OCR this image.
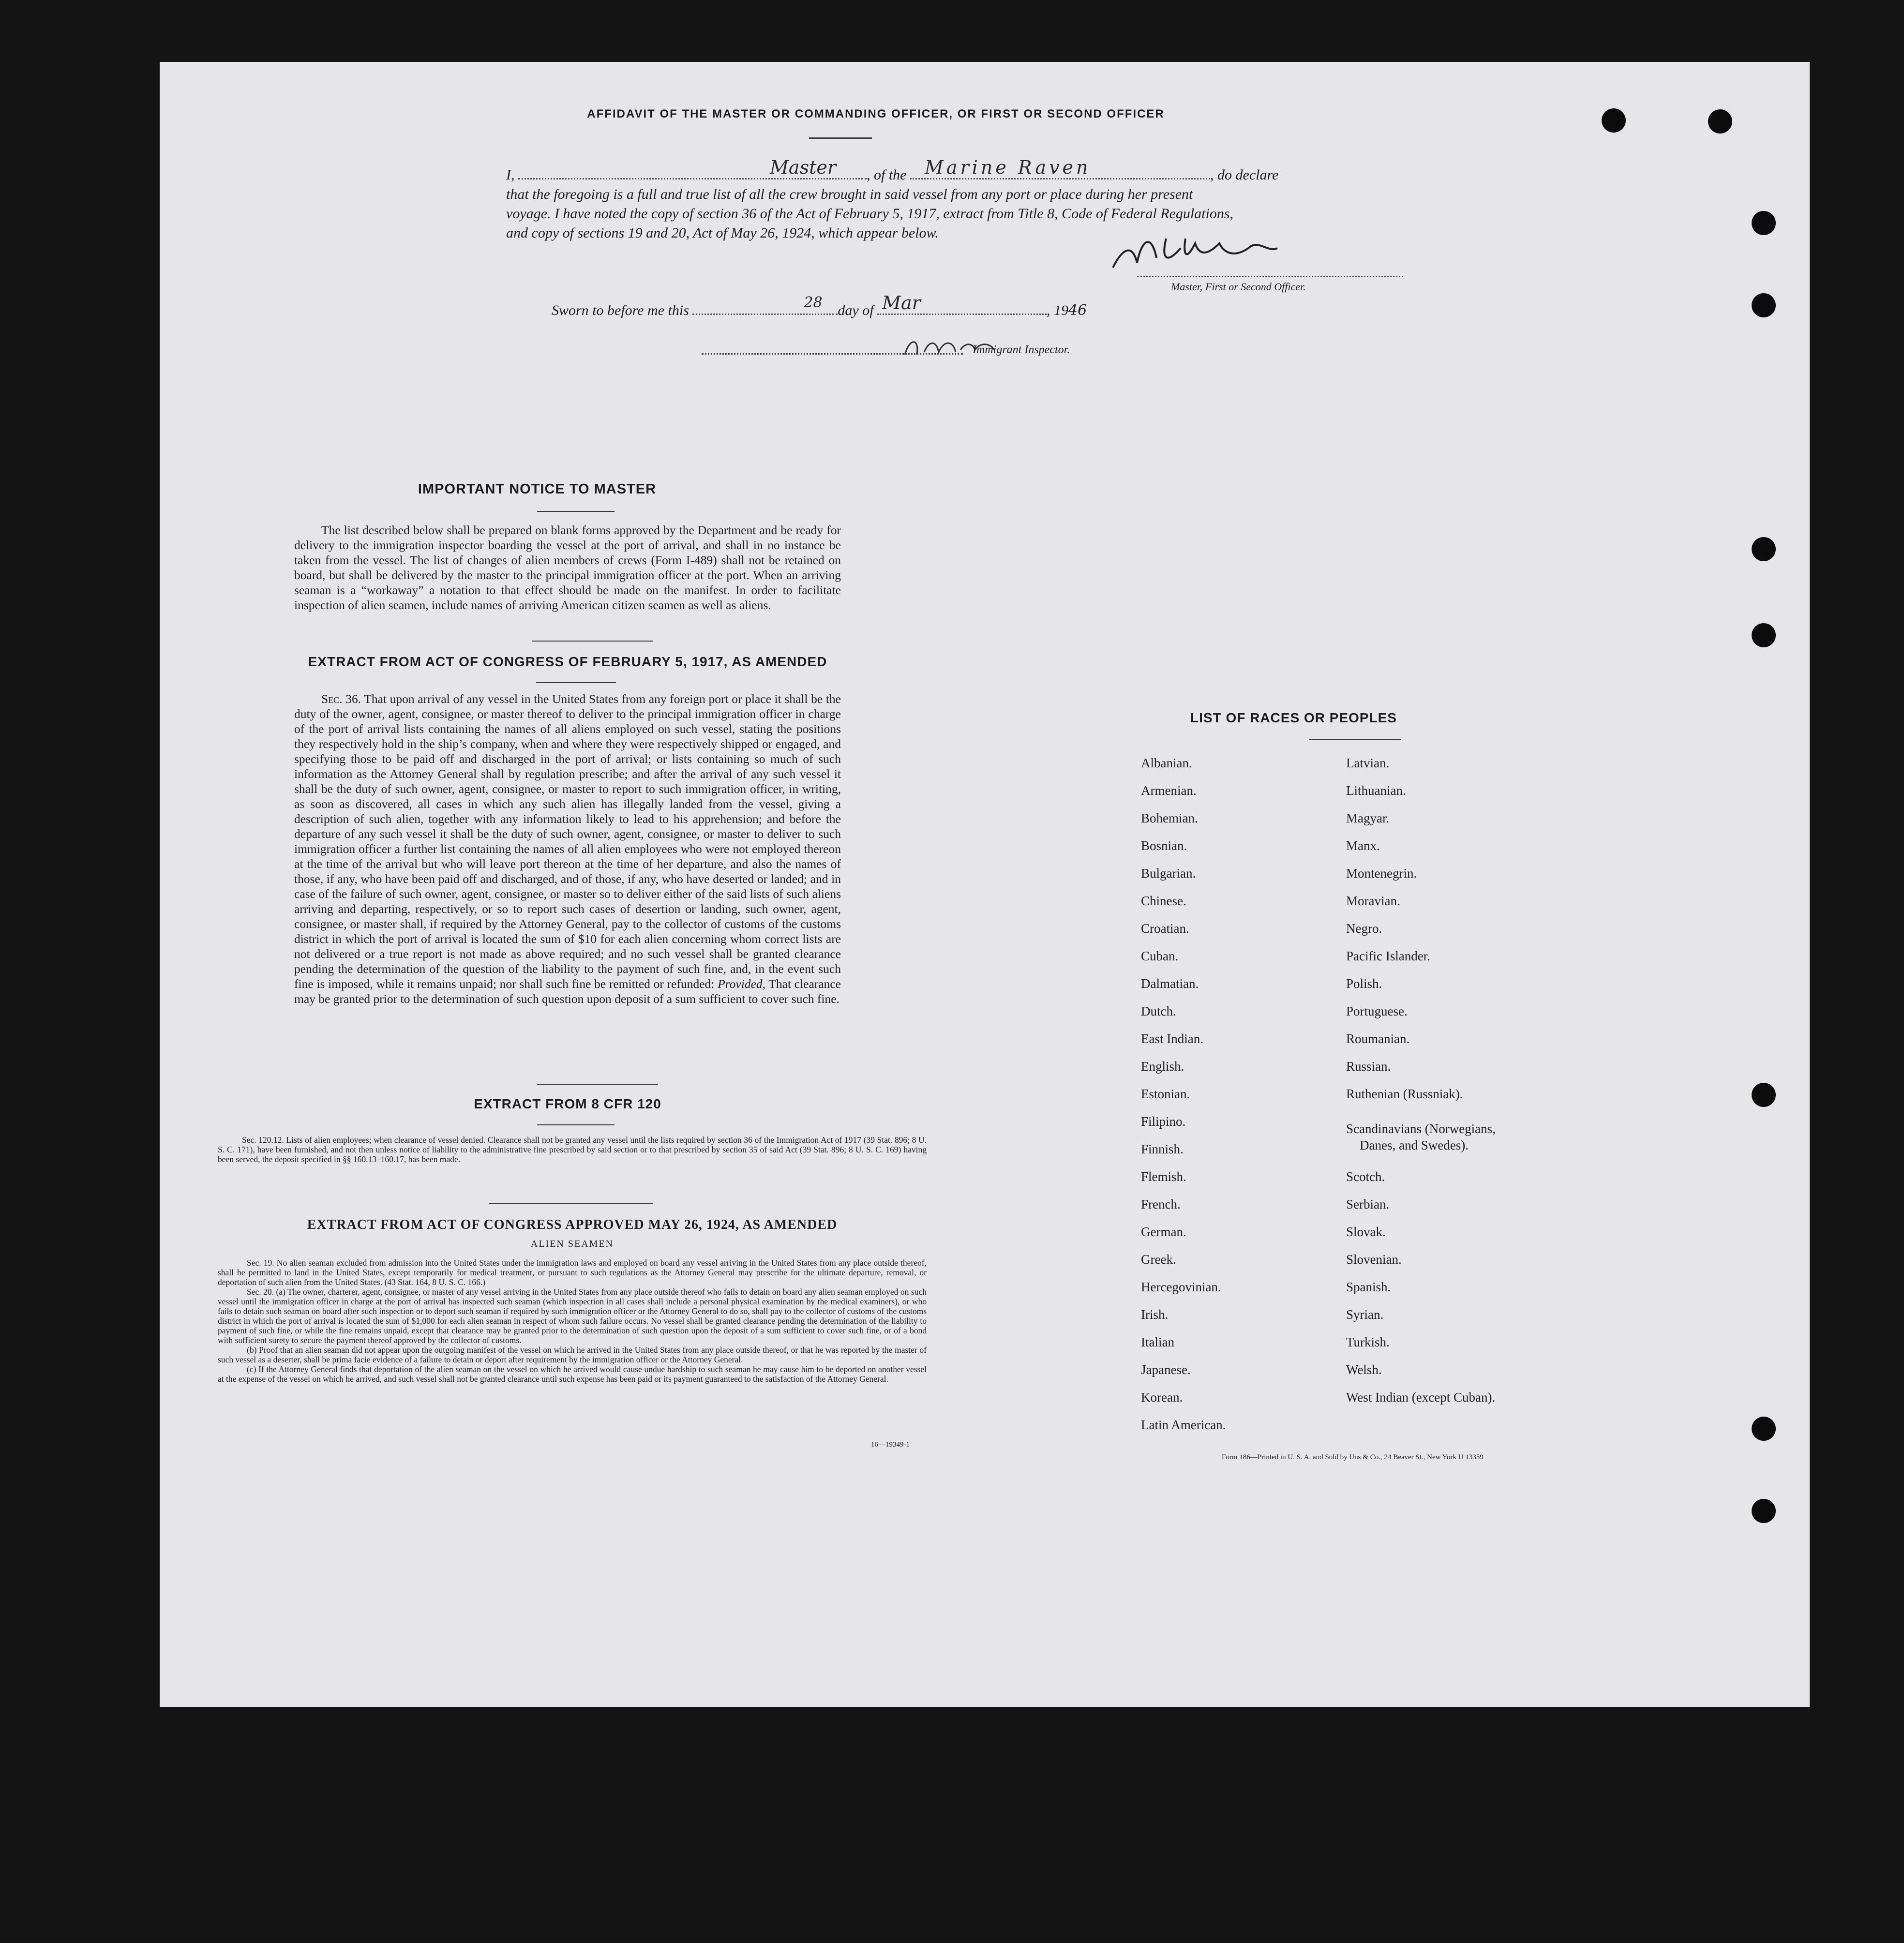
AFFIDAVIT OF THE MASTER OR COMMANDING OFFICER, OR FIRST OR SECOND OFFICER
I,	Master , of the Marine Raven	, do declare
that the foregoing is a full and true list of all the crew brought in said vessel from any port or place during her present
voyage. I have noted the copy of section 36 of the Act of February 5, 1917, extract from Title 8, Code of Federal Regulations,
and copy of sections 19 and 20, Act of May 26, 1924, which appear below.
Master, First or Second Officer.
Sworn to before me this	28 day of Mar	, 1946
Immigrant Inspector.
IMPORTANT NOTICE TO MASTER
The list described below shall be prepared on blank forms approved by the Department and be ready for delivery to the immigration inspector boarding the vessel at the port of arrival, and shall in no instance be taken from the vessel. The list of changes of alien members of crews (Form I-489) shall not be retained on board, but shall be delivered by the master to the principal immigration officer at the port. When an arriving seaman is a “workaway” a notation to that effect should be made on the manifest. In order to facilitate inspection of alien seamen, include names of arriving American citizen seamen as well as aliens.
EXTRACT FROM ACT OF CONGRESS OF FEBRUARY 5, 1917, AS AMENDED
Sec. 36. That upon arrival of any vessel in the United States from any foreign port or place it shall be the duty of the owner, agent, consignee, or master thereof to deliver to the principal immigration officer in charge of the port of arrival lists containing the names of all aliens employed on such vessel, stating the positions they respectively hold in the ship’s company, when and where they were respectively shipped or engaged, and specifying those to be paid off and discharged in the port of arrival; or lists containing so much of such information as the Attorney General shall by regulation prescribe; and after the arrival of any such vessel it shall be the duty of such owner, agent, consignee, or master to report to such immigration officer, in writing, as soon as discovered, all cases in which any such alien has illegally landed from the vessel, giving a description of such alien, together with any information likely to lead to his apprehension; and before the departure of any such vessel it shall be the duty of such owner, agent, consignee, or master to deliver to such immigration officer a further list containing the names of all alien employees who were not employed thereon at the time of the arrival but who will leave port thereon at the time of her departure, and also the names of those, if any, who have been paid off and discharged, and of those, if any, who have deserted or landed; and in case of the failure of such owner, agent, consignee, or master so to deliver either of the said lists of such aliens arriving and departing, respectively, or so to report such cases of desertion or landing, such owner, agent, consignee, or master shall, if required by the Attorney General, pay to the collector of customs of the customs district in which the port of arrival is located the sum of $10 for each alien concerning whom correct lists are not delivered or a true report is not made as above required; and no such vessel shall be granted clearance pending the determination of the question of the liability to the payment of such fine, and, in the event such fine is imposed, while it remains unpaid; nor shall such fine be remitted or refunded: Provided, That clearance may be granted prior to the determination of such question upon deposit of a sum sufficient to cover such fine.
EXTRACT FROM 8 CFR 120
Sec. 120.12. Lists of alien employees; when clearance of vessel denied. Clearance shall not be granted any vessel until the lists required by section 36 of the Immigration Act of 1917 (39 Stat. 896; 8 U. S. C. 171), have been furnished, and not then unless notice of liability to the administrative fine prescribed by said section or to that prescribed by section 35 of said Act (39 Stat. 896; 8 U. S. C. 169) having been served, the deposit specified in §§ 160.13–160.17, has been made.
EXTRACT FROM ACT OF CONGRESS APPROVED MAY 26, 1924, AS AMENDED
ALIEN SEAMEN
Sec. 19. No alien seaman excluded from admission into the United States under the immigration laws and employed on board any vessel arriving in the United States from any place outside thereof, shall be permitted to land in the United States, except temporarily for medical treatment, or pursuant to such regulations as the Attorney General may prescribe for the ultimate departure, removal, or deportation of such alien from the United States. (43 Stat. 164, 8 U. S. C. 166.)
Sec. 20. (a) The owner, charterer, agent, consignee, or master of any vessel arriving in the United States from any place outside thereof who fails to detain on board any alien seaman employed on such vessel until the immigration officer in charge at the port of arrival has inspected such seaman (which inspection in all cases shall include a personal physical examination by the medical examiners), or who fails to detain such seaman on board after such inspection or to deport such seaman if required by such immigration officer or the Attorney General to do so, shall pay to the collector of customs of the customs district in which the port of arrival is located the sum of $1,000 for each alien seaman in respect of whom such failure occurs. No vessel shall be granted clearance pending the determination of the liability to payment of such fine, or while the fine remains unpaid, except that clearance may be granted prior to the determination of such question upon the deposit of a sum sufficient to cover such fine, or of a bond with sufficient surety to secure the payment thereof approved by the collector of customs.
(b) Proof that an alien seaman did not appear upon the outgoing manifest of the vessel on which he arrived in the United States from any place outside thereof, or that he was reported by the master of such vessel as a deserter, shall be prima facie evidence of a failure to detain or deport after requirement by the immigration officer or the Attorney General.
(c) If the Attorney General finds that deportation of the alien seaman on the vessel on which he arrived would cause undue hardship to such seaman he may cause him to be deported on another vessel at the expense of the vessel on which he arrived, and such vessel shall not be granted clearance until such expense has been paid or its payment guaranteed to the satisfaction of the Attorney General.
16—19349-1
LIST OF RACES OR PEOPLES
Albanian.
Armenian.
Bohemian.
Bosnian.
Bulgarian.
Chinese.
Croatian.
Cuban.
Dalmatian.
Dutch.
East Indian.
English.
Estonian.
Filipino.
Finnish.
Flemish.
French.
German.
Greek.
Hercegovinian.
Irish.
Italian
Japanese.
Korean.
Latin American.
Latvian.
Lithuanian.
Magyar.
Manx.
Montenegrin.
Moravian.
Negro.
Pacific Islander.
Polish.
Portuguese.
Roumanian.
Russian.
Ruthenian (Russniak).
Scandinavians (Norwegians,
Danes, and Swedes).
Scotch.
Serbian.
Slovak.
Slovenian.
Spanish.
Syrian.
Turkish.
Welsh.
West Indian (except Cuban).
Form 186—Printed in U. S. A. and Sold by Uns & Co., 24 Beaver St., New York U 13359
